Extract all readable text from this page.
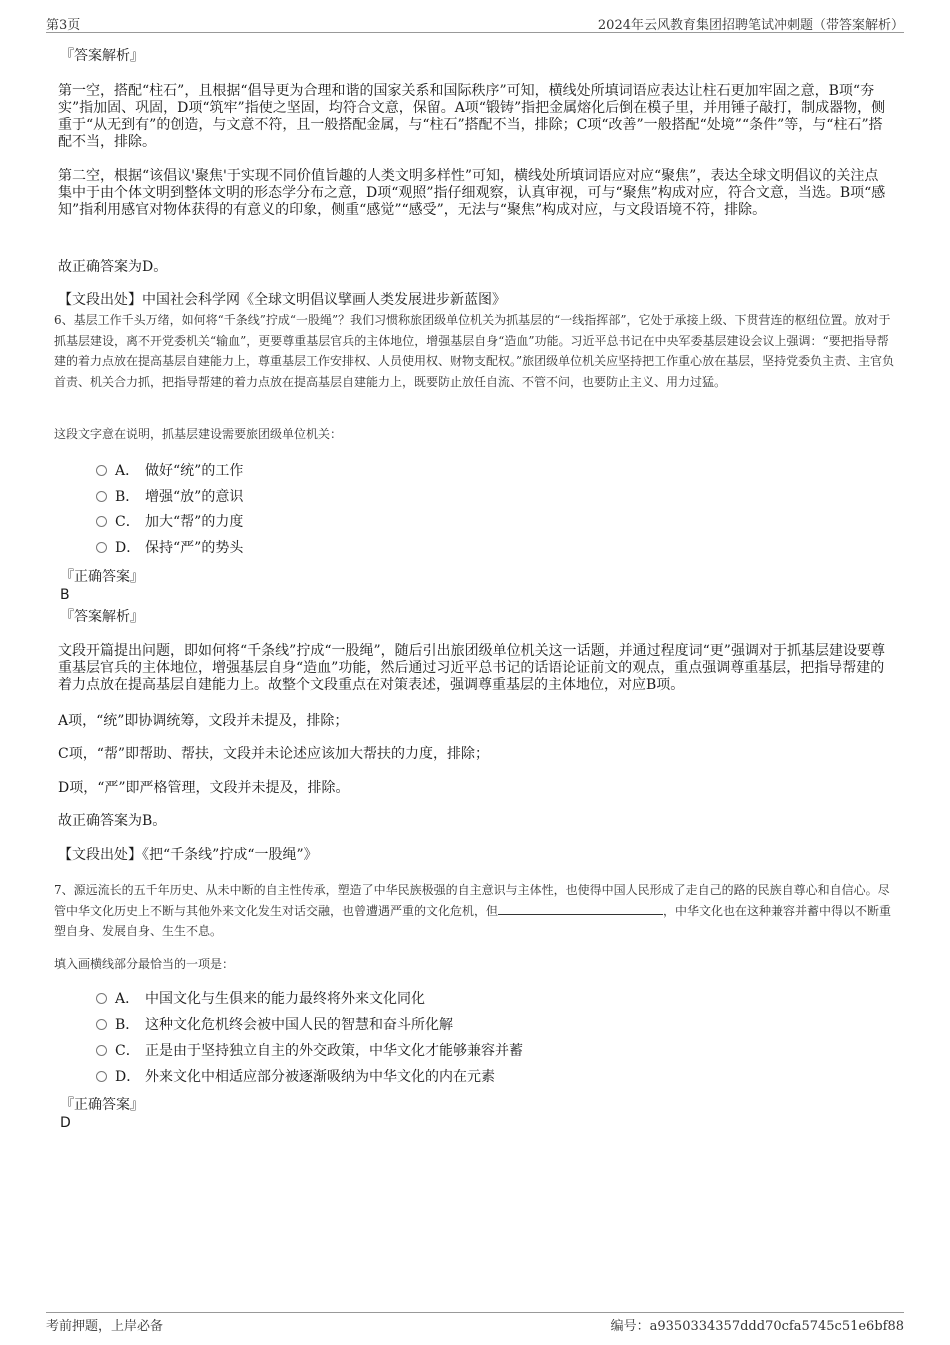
第3页	2024年云风教育集团招聘笔试冲刺题（带答案解析）
『答案解析』
第一空，搭配“柱石”，且根据“倡导更为合理和谐的国家关系和国际秩序”可知，横线处所填词语应表达让柱石更加牢固之意，B项“夯实”指加固、巩固，D项“筑牢”指使之坚固，均符合文意，保留。A项“锻铸”指把金属熔化后倒在模子里，并用锤子敲打，制成器物，侧重于“从无到有”的创造，与文意不符，且一般搭配金属，与“柱石”搭配不当，排除；C项“改善”一般搭配“处境”“条件”等，与“柱石”搭配不当，排除。
第二空，根据“该倡议'聚焦'于实现不同价值旨趣的人类文明多样性”可知，横线处所填词语应对应“聚焦”，表达全球文明倡议的关注点集中于由个体文明到整体文明的形态学分布之意，D项“观照”指仔细观察，认真审视，可与“聚焦”构成对应，符合文意，当选。B项“感知”指利用感官对物体获得的有意义的印象，侧重“感觉”“感受”，无法与“聚焦”构成对应，与文段语境不符，排除。
故正确答案为D。
【文段出处】中国社会科学网《全球文明倡议擘画人类发展进步新蓝图》
6、基层工作千头万绪，如何将“千条线”拧成“一股绳”？我们习惯称旅团级单位机关为抓基层的“一线指挥部”，它处于承接上级、下贯营连的枢纽位置。放对于抓基层建设，离不开党委机关“输血”，更要尊重基层官兵的主体地位，增强基层自身“造血”功能。习近平总书记在中央军委基层建设会议上强调：“要把指导帮建的着力点放在提高基层自建能力上，尊重基层工作安排权、人员使用权、财物支配权。”旅团级单位机关应坚持把工作重心放在基层，坚持党委负主责、主官负首责、机关合力抓，把指导帮建的着力点放在提高基层自建能力上，既要防止放任自流、不管不问，也要防止主义、用力过猛。
这段文字意在说明，抓基层建设需要旅团级单位机关：
A． 做好“统”的工作
B． 增强“放”的意识
C． 加大“帮”的力度
D． 保持“严”的势头
『正确答案』
B
『答案解析』
文段开篇提出问题，即如何将“千条线”拧成“一股绳”，随后引出旅团级单位机关这一话题，并通过程度词“更”强调对于抓基层建设要尊重基层官兵的主体地位，增强基层自身“造血”功能，然后通过习近平总书记的话语论证前文的观点，重点强调尊重基层，把指导帮建的着力点放在提高基层自建能力上。故整个文段重点在对策表述，强调尊重基层的主体地位，对应B项。
A项，“统”即协调统筹，文段并未提及，排除；
C项，“帮”即帮助、帮扶，文段并未论述应该加大帮扶的力度，排除；
D项，“严”即严格管理，文段并未提及，排除。
故正确答案为B。
【文段出处】《把“千条线”拧成“一股绳”》
7、源远流长的五千年历史、从未中断的自主性传承，塑造了中华民族极强的自主意识与主体性，也使得中国人民形成了走自己的路的民族自尊心和自信心。尽管中华文化历史上不断与其他外来文化发生对话交融，也曾遭遇严重的文化危机，但	，中华文化也在这种兼容并蓄中得以不断重塑自身、发展自身、生生不息。
填入画横线部分最恰当的一项是：
A． 中国文化与生俱来的能力最终将外来文化同化
B． 这种文化危机终会被中国人民的智慧和奋斗所化解
C． 正是由于坚持独立自主的外交政策，中华文化才能够兼容并蓄
D． 外来文化中相适应部分被逐渐吸纳为中华文化的内在元素
『正确答案』
D
考前押题，上岸必备	编号：a9350334357ddd70cfa5745c51e6bf88
